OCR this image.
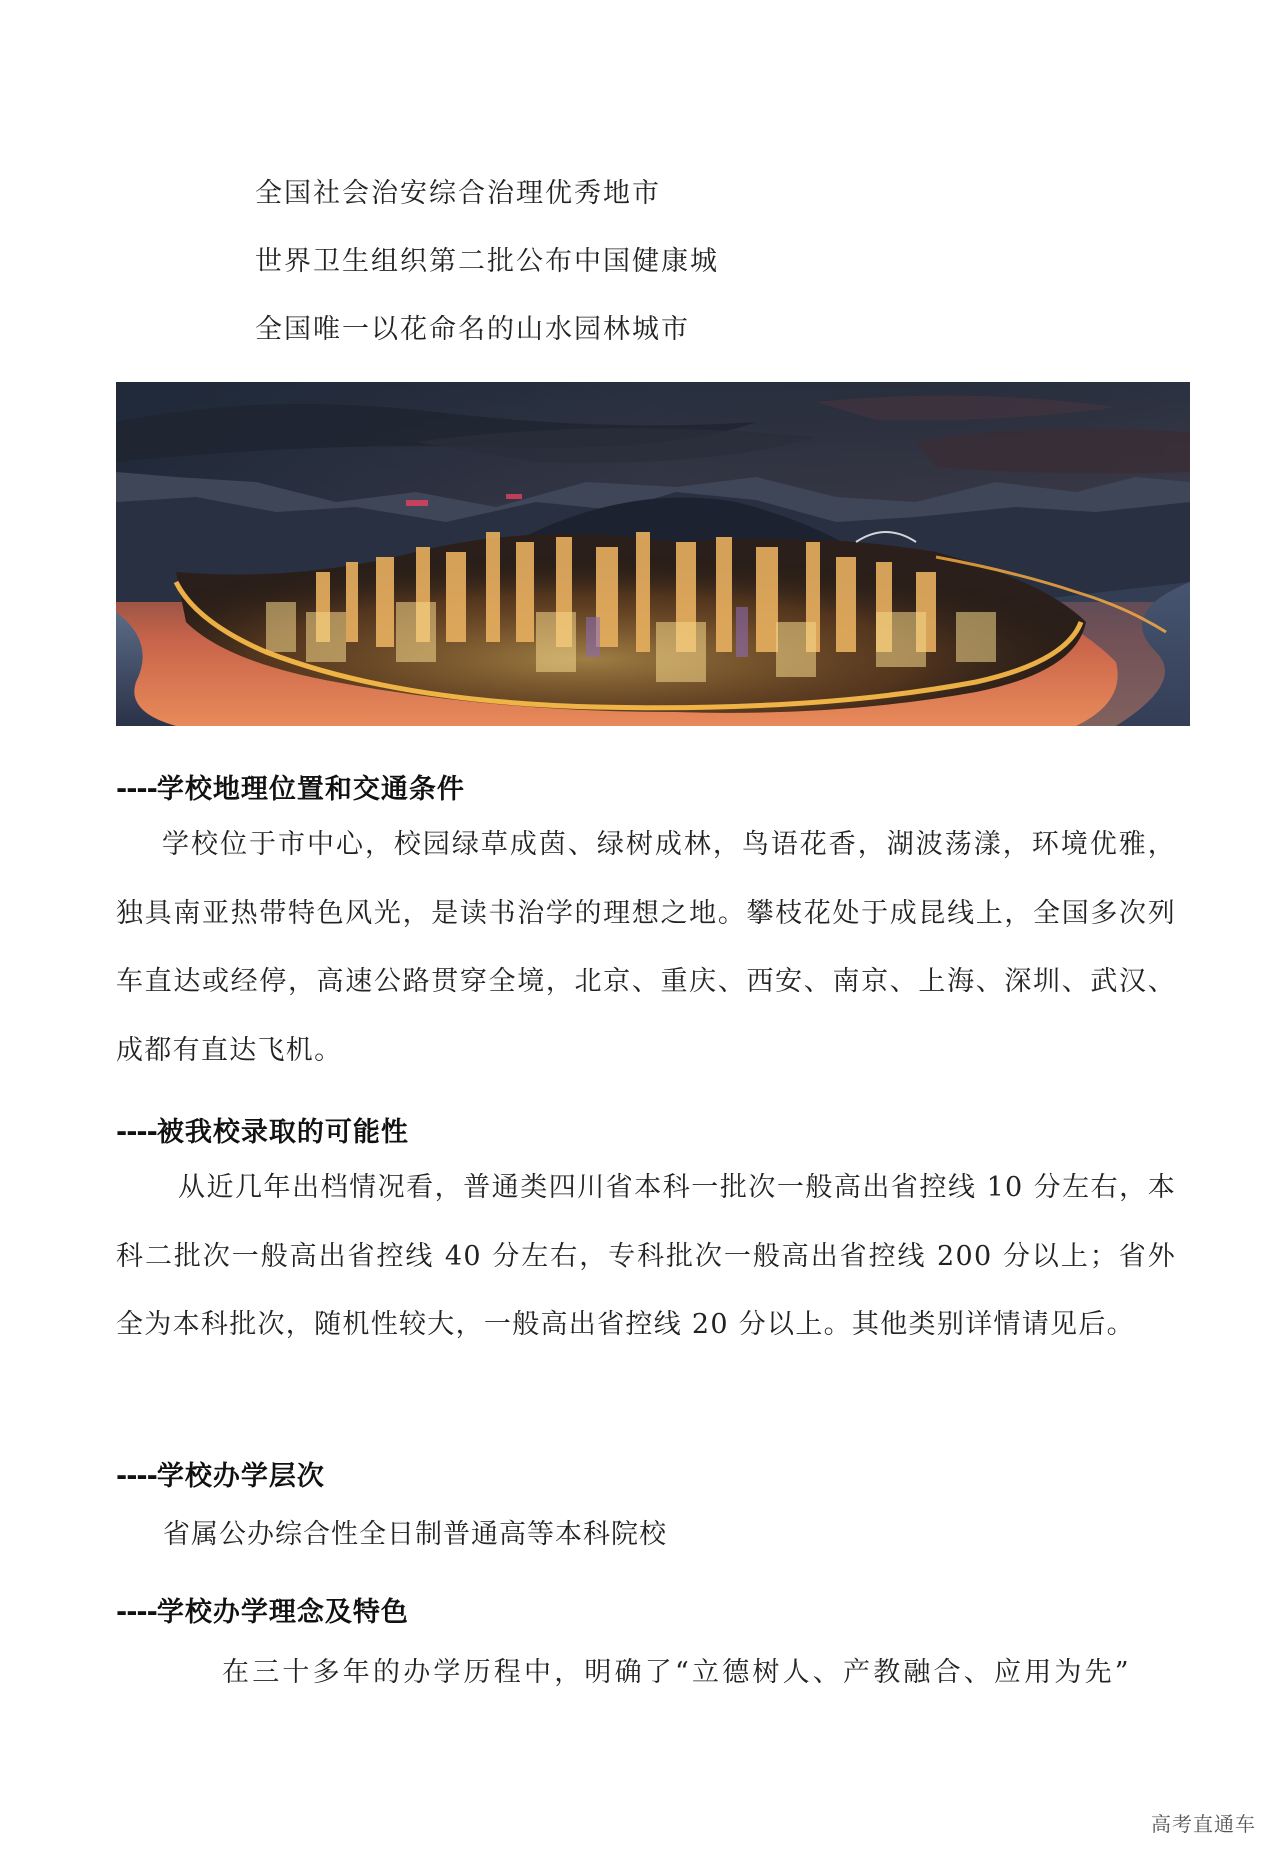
全国社会治安综合治理优秀地市
世界卫生组织第二批公布中国健康城
全国唯一以花命名的山水园林城市
----学校地理位置和交通条件

学校位于市中心，校园绿草成茵、绿树成林，鸟语花香，湖波荡漾，环境优雅，独具南亚热带特色风光，是读书治学的理想之地。攀枝花处于成昆线上，全国多次列车直达或经停，高速公路贯穿全境，北京、重庆、西安、南京、上海、深圳、武汉、成都有直达飞机。

----被我校录取的可能性

从近几年出档情况看，普通类四川省本科一批次一般高出省控线 10 分左右，本科二批次一般高出省控线 40 分左右，专科批次一般高出省控线 200 分以上；省外全为本科批次，随机性较大，一般高出省控线 20 分以上。其他类别详情请见后。

----学校办学层次
省属公办综合性全日制普通高等本科院校
----学校办学理念及特色
在三十多年的办学历程中，明确了“立德树人、产教融合、应用为先”
高考直通车
